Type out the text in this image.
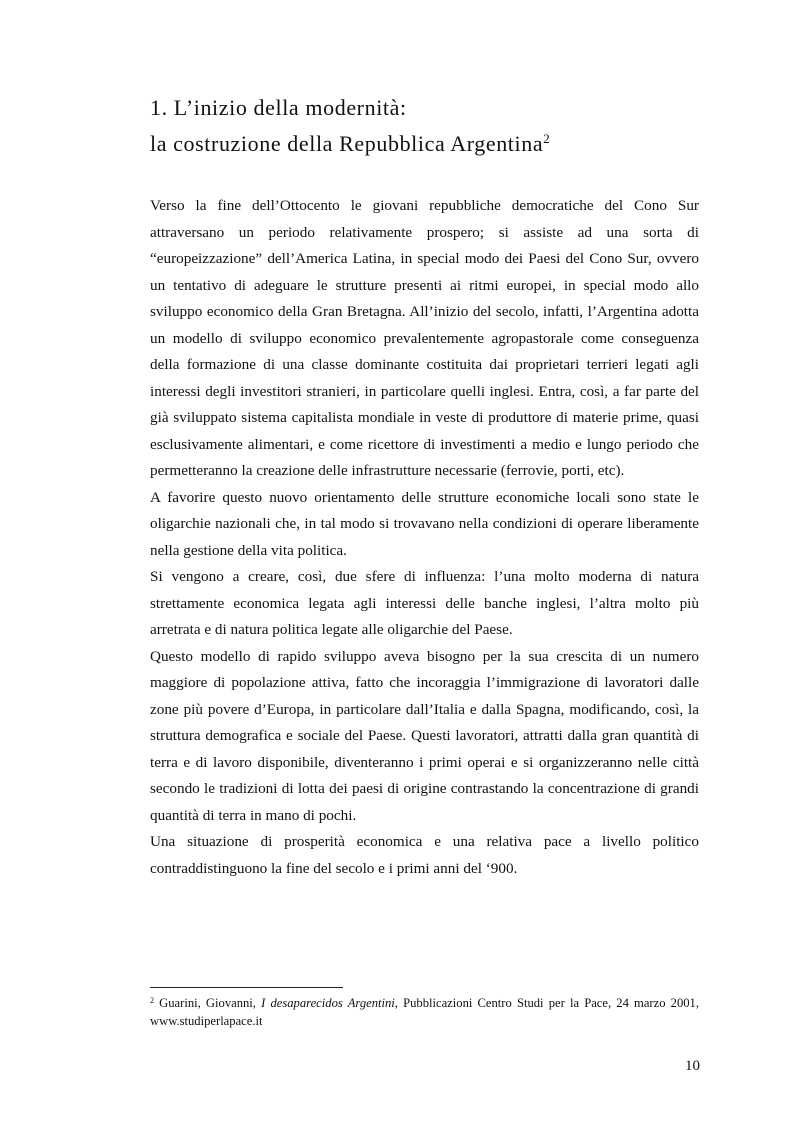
1. L’inizio della modernità:
la costruzione della Repubblica Argentina$^2$

Verso la fine dell’Ottocento le giovani repubbliche democratiche del Cono Sur attraversano un periodo relativamente prospero; si assiste ad una sorta di “europeizzazione” dell’America Latina, in special modo dei Paesi del Cono Sur, ovvero un tentativo di adeguare le strutture presenti ai ritmi europei, in special modo allo sviluppo economico della Gran Bretagna. All’inizio del secolo, infatti, l’Argentina adotta un modello di sviluppo economico prevalentemente agropastorale come conseguenza della formazione di una classe dominante costituita dai proprietari terrieri legati agli interessi degli investitori stranieri, in particolare quelli inglesi. Entra, così, a far parte del già sviluppato sistema capitalista mondiale in veste di produttore di materie prime, quasi esclusivamente alimentari, e come ricettore di investimenti a medio e lungo periodo che permetteranno la creazione delle infrastrutture necessarie (ferrovie, porti, etc).

A favorire questo nuovo orientamento delle strutture economiche locali sono state le oligarchie nazionali che, in tal modo si trovavano nella condizioni di operare liberamente nella gestione della vita politica.

Si vengono a creare, così, due sfere di influenza: l’una molto moderna di natura strettamente economica legata agli interessi delle banche inglesi, l’altra molto più arretrata e di natura politica legate alle oligarchie del Paese.

Questo modello di rapido sviluppo aveva bisogno per la sua crescita di un numero maggiore di popolazione attiva, fatto che incoraggia l’immigrazione di lavoratori dalle zone più povere d’Europa, in particolare dall’Italia e dalla Spagna, modificando, così, la struttura demografica e sociale del Paese. Questi lavoratori, attratti dalla gran quantità di terra e di lavoro disponibile, diventeranno i primi operai e si organizzeranno nelle città secondo le tradizioni di lotta dei paesi di origine contrastando la concentrazione di grandi quantità di terra in mano di pochi.

Una situazione di prosperità economica e una relativa pace a livello politico contraddistinguono la fine del secolo e i primi anni del ‘900.

$^2$ Guarini, Giovanni, I desaparecidos Argentini, Pubblicazioni Centro Studi per la Pace, 24 marzo 2001, www.studiperlapace.it
10
